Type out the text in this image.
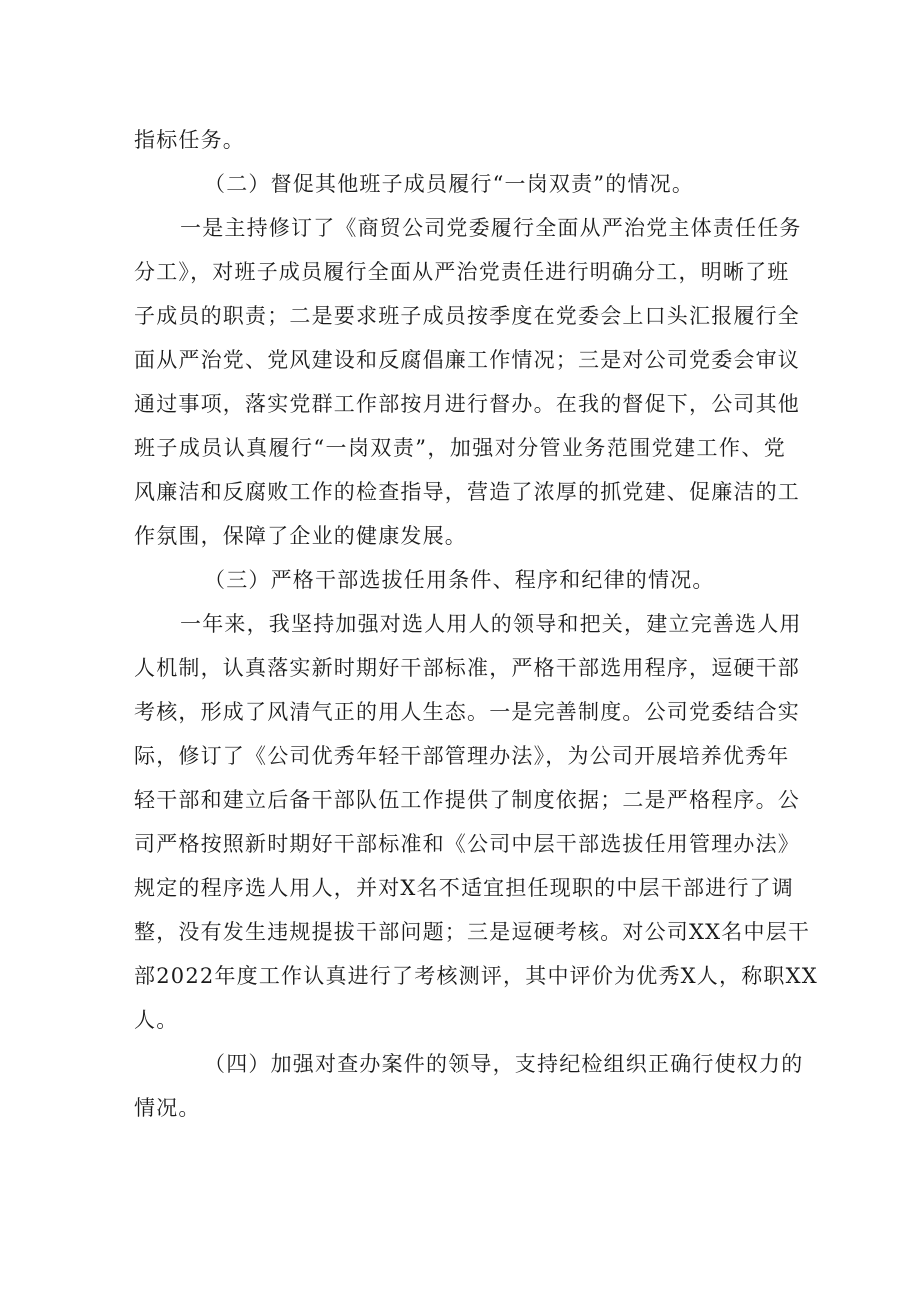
指标任务。
（二）督促其他班子成员履行“一岗双责”的情况。
一是主持修订了《商贸公司党委履行全面从严治党主体责任任务
分工》，对班子成员履行全面从严治党责任进行明确分工，明晰了班
子成员的职责；二是要求班子成员按季度在党委会上口头汇报履行全
面从严治党、党风建设和反腐倡廉工作情况；三是对公司党委会审议
通过事项，落实党群工作部按月进行督办。在我的督促下，公司其他
班子成员认真履行“一岗双责”，加强对分管业务范围党建工作、党
风廉洁和反腐败工作的检查指导，营造了浓厚的抓党建、促廉洁的工
作氛围，保障了企业的健康发展。
（三）严格干部选拔任用条件、程序和纪律的情况。
一年来，我坚持加强对选人用人的领导和把关，建立完善选人用
人机制，认真落实新时期好干部标准，严格干部选用程序，逗硬干部
考核，形成了风清气正的用人生态。一是完善制度。公司党委结合实
际，修订了《公司优秀年轻干部管理办法》，为公司开展培养优秀年
轻干部和建立后备干部队伍工作提供了制度依据；二是严格程序。公
司严格按照新时期好干部标准和《公司中层干部选拔任用管理办法》
规定的程序选人用人，并对X名不适宜担任现职的中层干部进行了调
整，没有发生违规提拔干部问题；三是逗硬考核。对公司XX名中层干
部2022年度工作认真进行了考核测评，其中评价为优秀X人，称职XX
人。
（四）加强对查办案件的领导，支持纪检组织正确行使权力的
情况。
